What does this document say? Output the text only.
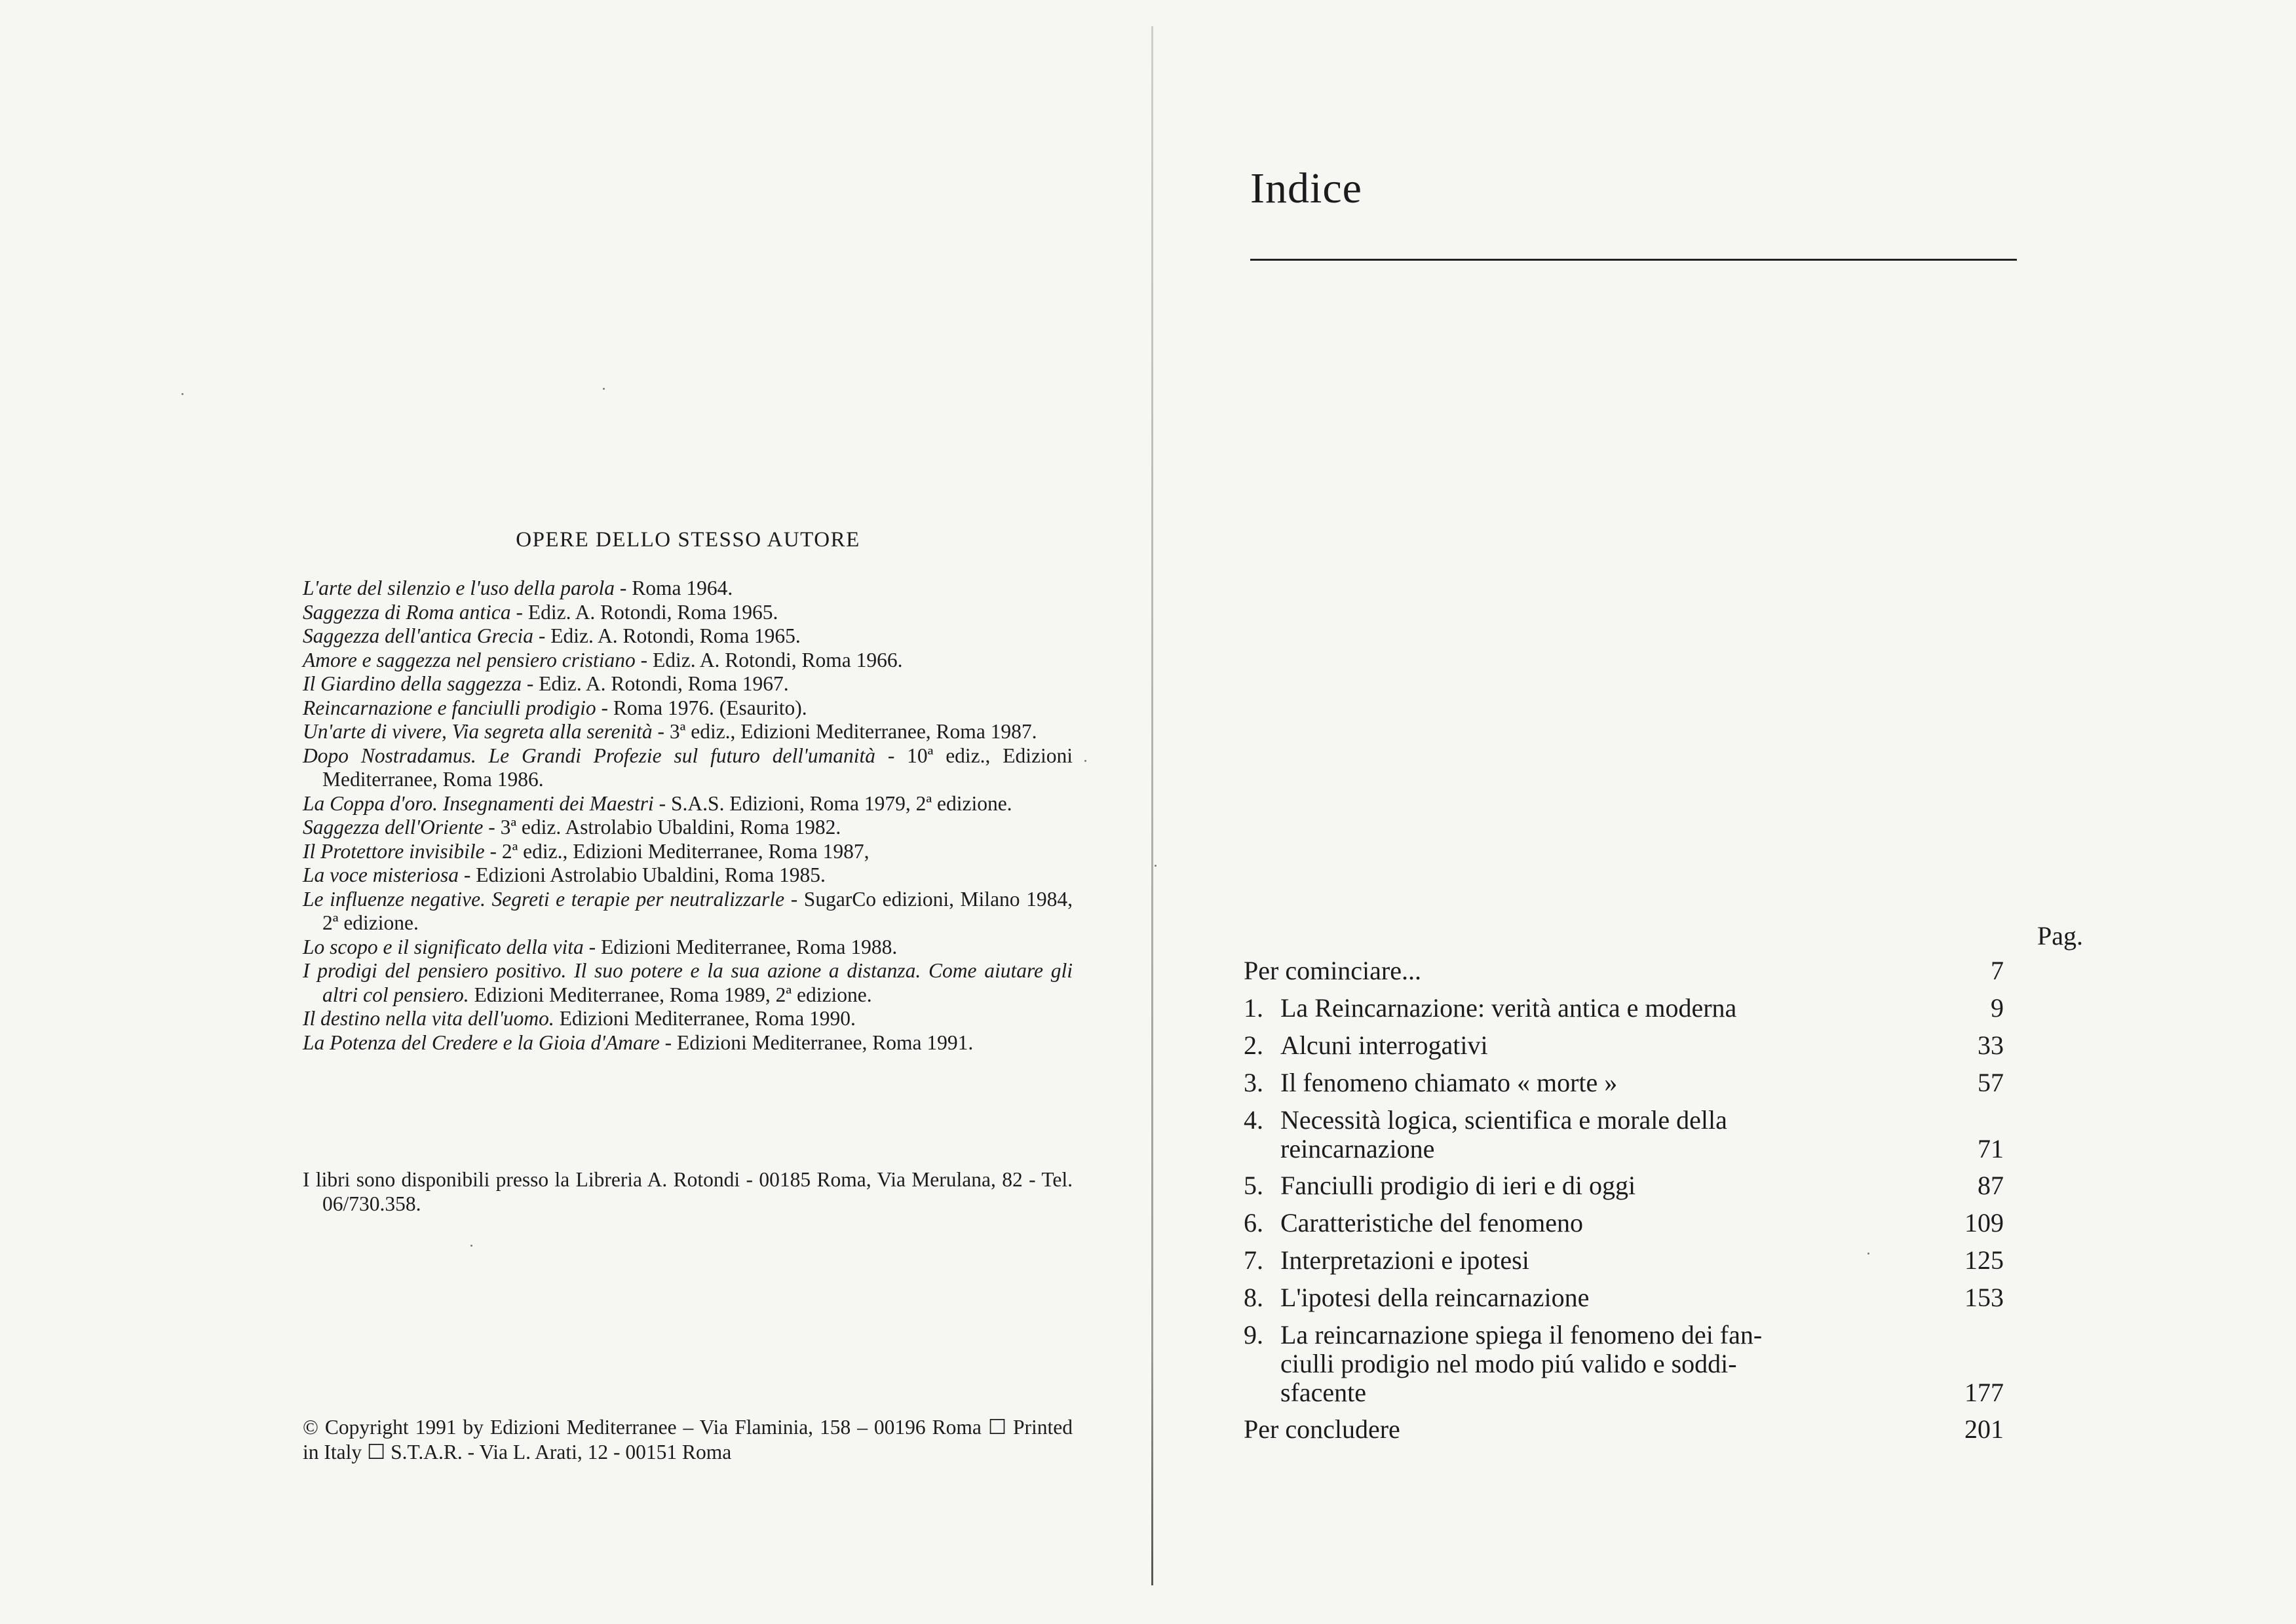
OPERE DELLO STESSO AUTORE
L'arte del silenzio e l'uso della parola - Roma 1964.
Saggezza di Roma antica - Ediz. A. Rotondi, Roma 1965.
Saggezza dell'antica Grecia - Ediz. A. Rotondi, Roma 1965.
Amore e saggezza nel pensiero cristiano - Ediz. A. Rotondi, Roma 1966.
Il Giardino della saggezza - Ediz. A. Rotondi, Roma 1967.
Reincarnazione e fanciulli prodigio - Roma 1976. (Esaurito).
Un'arte di vivere, Via segreta alla serenità - 3ª ediz., Edizioni Mediterranee, Roma 1987.
Dopo Nostradamus. Le Grandi Profezie sul futuro dell'umanità - 10ª ediz., Edizioni Mediterranee, Roma 1986.
La Coppa d'oro. Insegnamenti dei Maestri - S.A.S. Edizioni, Roma 1979, 2ª edizione.
Saggezza dell'Oriente - 3ª ediz. Astrolabio Ubaldini, Roma 1982.
Il Protettore invisibile - 2ª ediz., Edizioni Mediterranee, Roma 1987,
La voce misteriosa - Edizioni Astrolabio Ubaldini, Roma 1985.
Le influenze negative. Segreti e terapie per neutralizzarle - SugarCo edizioni, Milano 1984, 2ª edizione.
Lo scopo e il significato della vita - Edizioni Mediterranee, Roma 1988.
I prodigi del pensiero positivo. Il suo potere e la sua azione a distanza. Come aiutare gli altri col pensiero. Edizioni Mediterranee, Roma 1989, 2ª edizione.
Il destino nella vita dell'uomo. Edizioni Mediterranee, Roma 1990.
La Potenza del Credere e la Gioia d'Amare - Edizioni Mediterranee, Roma 1991.

I libri sono disponibili presso la Libreria A. Rotondi - 00185 Roma, Via Merulana, 82 - Tel. 06/730.358.

© Copyright 1991 by Edizioni Mediterranee – Via Flaminia, 158 – 00196 Roma ☐ Printed in Italy ☐ S.T.A.R. - Via L. Arati, 12 - 00151 Roma

Indice
Pag.
Per cominciare...	7
1. La Reincarnazione: verità antica e moderna	9
2. Alcuni interrogativi	33
3. Il fenomeno chiamato « morte »	57
4. Necessità logica, scientifica e morale della
reincarnazione	71
5. Fanciulli prodigio di ieri e di oggi	87
6. Caratteristiche del fenomeno	109
7. Interpretazioni e ipotesi	125
8. L'ipotesi della reincarnazione	153
9. La reincarnazione spiega il fenomeno dei fan-
ciulli prodigio nel modo piú valido e soddi-
sfacente	177
Per concludere	201
